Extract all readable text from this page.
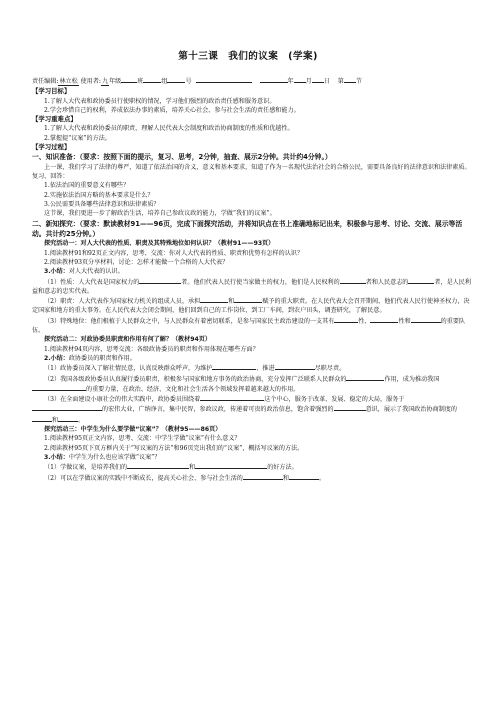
第十三课　我们的议案　(学案)
责任编辑:林立松 使用者:九年级	班	组	号	年 月 日 第 节
【学习目标】
1.了解人大代表和政协委员行使职权的情况，学习他们强烈的政治责任感和服务意识。
2.学会珍惜自己的权利，养成依法办事的素质，培养关心社会、参与社会生活的责任感和能力。
【学习重难点】
1.了解人大代表和政协委员的职责，理解人民代表大会制度和政治协商制度的性质和优越性。
2.掌握提“议案”的方法。
【学习过程】
一、知识准备：（要求：按照下面的提示，复习、思考，2分钟，抽查、展示2分钟。共计约4分钟。）
上一课，我们学习了法律的尊严，知道了依法治国的含义、意义和基本要求，知道了作为一名现代法治社会的合格公民，需要具备良好的法律意识和法律素质。复习、回答：
1.依法治国的重要意义有哪些？
2.实施依法治国方略的基本要求是什么？
3.公民需要具备哪些法律意识和法律素质？
这节课，我们更进一步了解政治生活，培养自己参政议政的能力，学做“我们的议案”。
二、新知探究：（要求：默读教材91——96页，完成下面探究活动，并将知识点在书上准确地标记出来，积极参与思考、讨论、交流、展示等活动。共计约25分钟。）
探究活动一：对人大代表的性质、职责及其特殊地位如何认识？（教材91——93页）
1.阅读教材91和92页正文内容，思考、交流：你对人大代表的性质、职责和优势有怎样的认识？
2.阅读教材93页分享材料，讨论：怎样才能做一个合格的人大代表？
3.小结：对人大代表的认识。
（1）性质：人大代表是国家权力的	者。他们代表人民行使当家做主的权力，他们是人民权利的	者和人民意志的	者，是人民利益和意志的忠实代表。
（2）职责：人大代表作为国家权力机关的组成人员，承担	和	赋予的重大职责。在人民代表大会召开期间，他们代表人民行使神圣权力，决定国家和地方的重大事务。在人民代表大会闭会期间，他们回到自己的工作岗位，到工厂车间，到农户田头，调查研究，了解民意。
（3）特殊地位：他们根植于人民群众之中，与人民群众有着密切联系，是参与国家民主政治建设的一支其有	性、	性和	的重要队伍。
探究活动二：对政协委员职责和作用有何了解？（教材94页）
1.阅读教材94页内容，思考交流：各级政协委员的职责和作用体现在哪些方面？
2.小结：政协委员的职责和作用。
（1）政协委员深入了解社情民意，认真反映群众呼声，为维护	、推进	尽职尽责。
（2）我国各级政协委员认真履行委员职责，积极参与国家和地方事务的政治协商，充分发挥广泛联系人民群众的	作用，成为推动我国的重要力量，在政治、经济、文化和社会生活各个领域发挥着越来越大的作用。
（3）在全面建设小康社会的伟大实践中，政协委员围绕着	这个中心，服务于改革、发展、稳定的大局，服务于的宏伟大业，广纳诤言，集中民智，参政议政，传递着可贵的政治信息，饱含着强烈的	意识，展示了我国政治协商制度的和	。
探究活动三：中学生为什么要学做“议案”？（教材95——86页）
1.阅读教材95页正文内容，思考、交流：中学生学做“议案”有什么意义？
2.阅读教材95页下页方框内关于“写议案的方法”和96页完出我们的“议案”，概括写议案的方法。
3.小结：中学生为什么也应该学做“议案”？
（1）学做议案，是培养我们的	和	的好方法。
（2）可以在学做议案的实践中不断成长，提高关心社会、参与社会生活的	和	。
